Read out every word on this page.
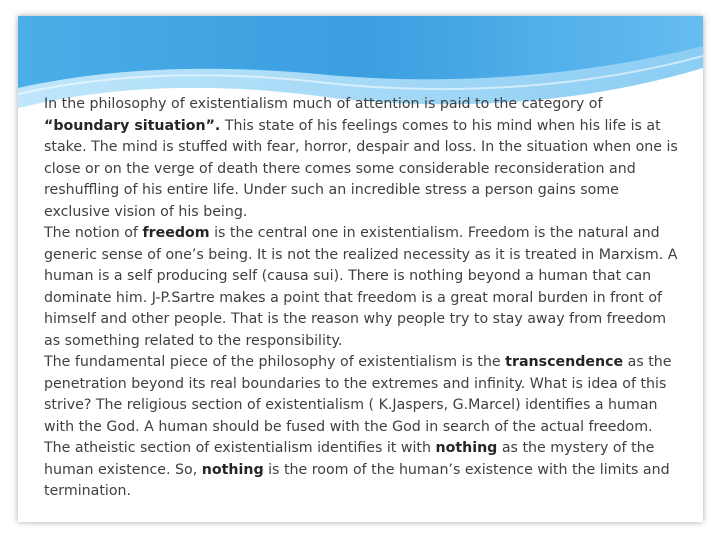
In the philosophy of existentialism much of attention is paid to the category of “boundary situation”. This state of his feelings comes to his mind when his life is at stake. The mind is stuffed with fear, horror, despair and loss. In the situation when one is close or on the verge of death there comes some considerable reconsideration and reshuffling of his entire life. Under such an incredible stress a person gains some exclusive vision of his being.

The notion of freedom is the central one in existentialism. Freedom is the natural and generic sense of one’s being. It is not the realized necessity as it is treated in Marxism. A human is a self producing self (causa sui). There is nothing beyond a human that can dominate him. J-P.Sartre makes a point that freedom is a great moral burden in front of himself and other people. That is the reason why people try to stay away from freedom as something related to the responsibility.

The fundamental piece of the philosophy of existentialism is the transcendence as the penetration beyond its real boundaries to the extremes and infinity. What is idea of this strive? The religious section of existentialism ( K.Jaspers, G.Marcel) identifies a human with the God. A human should be fused with the God in search of the actual freedom. The atheistic section of existentialism identifies it with nothing as the mystery of the human existence. So, nothing is the room of the human’s existence with the limits and termination.
